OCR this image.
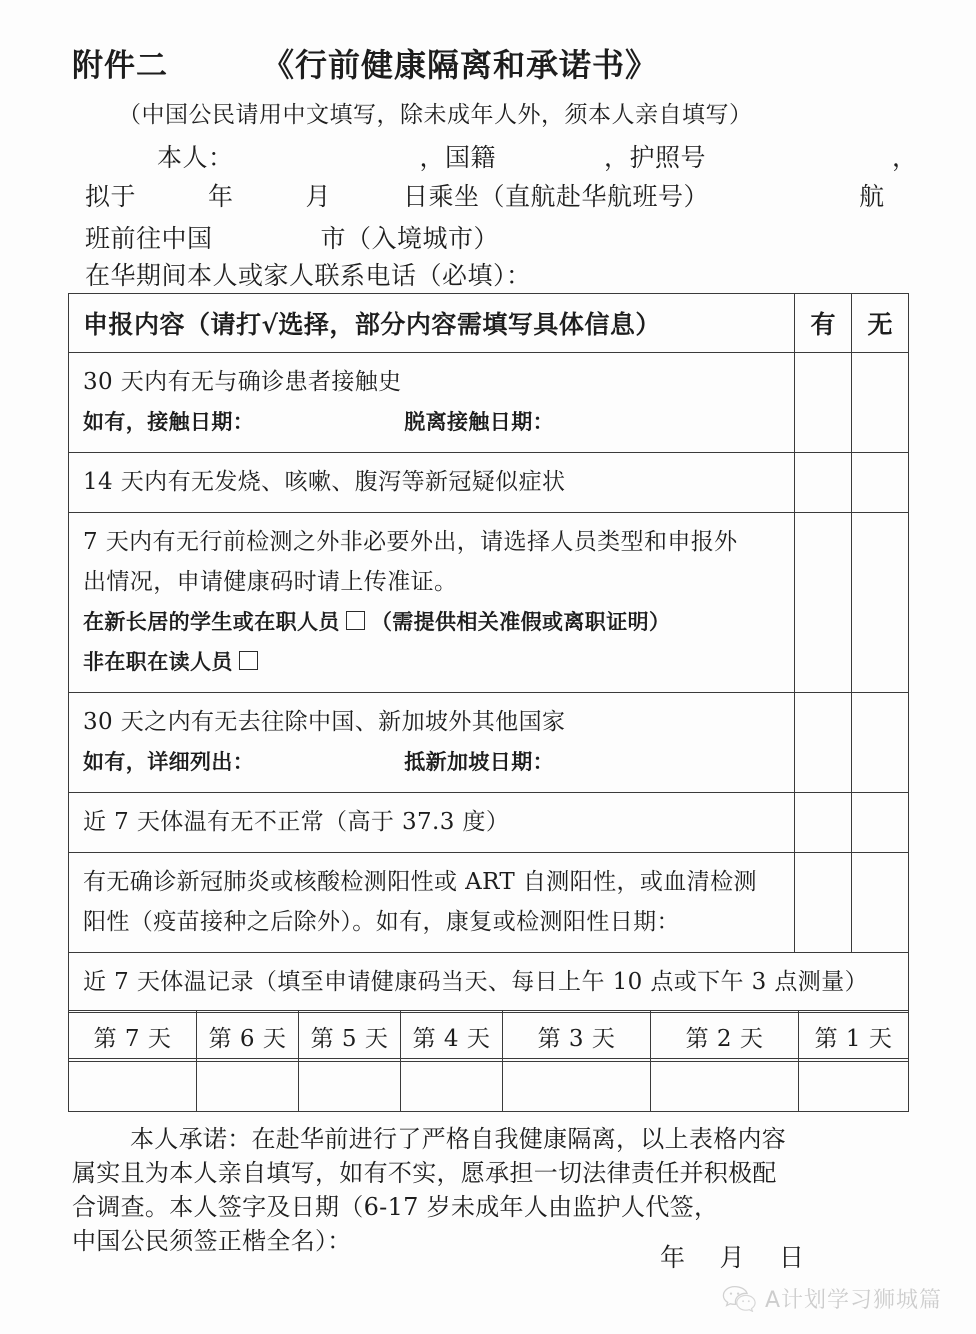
附件二	《行前健康隔离和承诺书》
（中国公民请用中文填写，除未成年人外，须本人亲自填写）
本人：	，国籍	，护照号	，
拟于	年	月	日乘坐（直航赴华航班号）	航
班前往中国	市（入境城市）
在华期间本人或家人联系电话（必填）：
申报内容（请打√选择，部分内容需填写具体信息）	有	无

30 天内有无与确诊患者接触史
如有，接触日期： 脱离接触日期：		

14 天内有无发烧、咳嗽、腹泻等新冠疑似症状		

7 天内有无行前检测之外非必要外出，请选择人员类型和申报外
出情况，申请健康码时请上传准证。
在新长居的学生或在职人员 （需提供相关准假或离职证明）
非在职在读人员		

30 天之内有无去往除中国、新加坡外其他国家
如有，详细列出： 抵新加坡日期：		

近 7 天体温有无不正常（高于 37.3 度）		

有无确诊新冠肺炎或核酸检测阳性或 ART 自测阳性，或血清检测
阳性（疫苗接种之后除外）。如有，康复或检测阳性日期：		

近 7 天体温记录（填至申请健康码当天、每日上午 10 点或下午 3 点测量）		
第 7 天	第 6 天	第 5 天	第 4 天	第 3 天	第 2 天	第 1 天

本人承诺：在赴华前进行了严格自我健康隔离，以上表格内容
属实且为本人亲自填写，如有不实，愿承担一切法律责任并积极配
合调查。本人签字及日期（6-17 岁未成年人由监护人代签，
中国公民须签正楷全名）：
年 月 日
A计划学习狮城篇
